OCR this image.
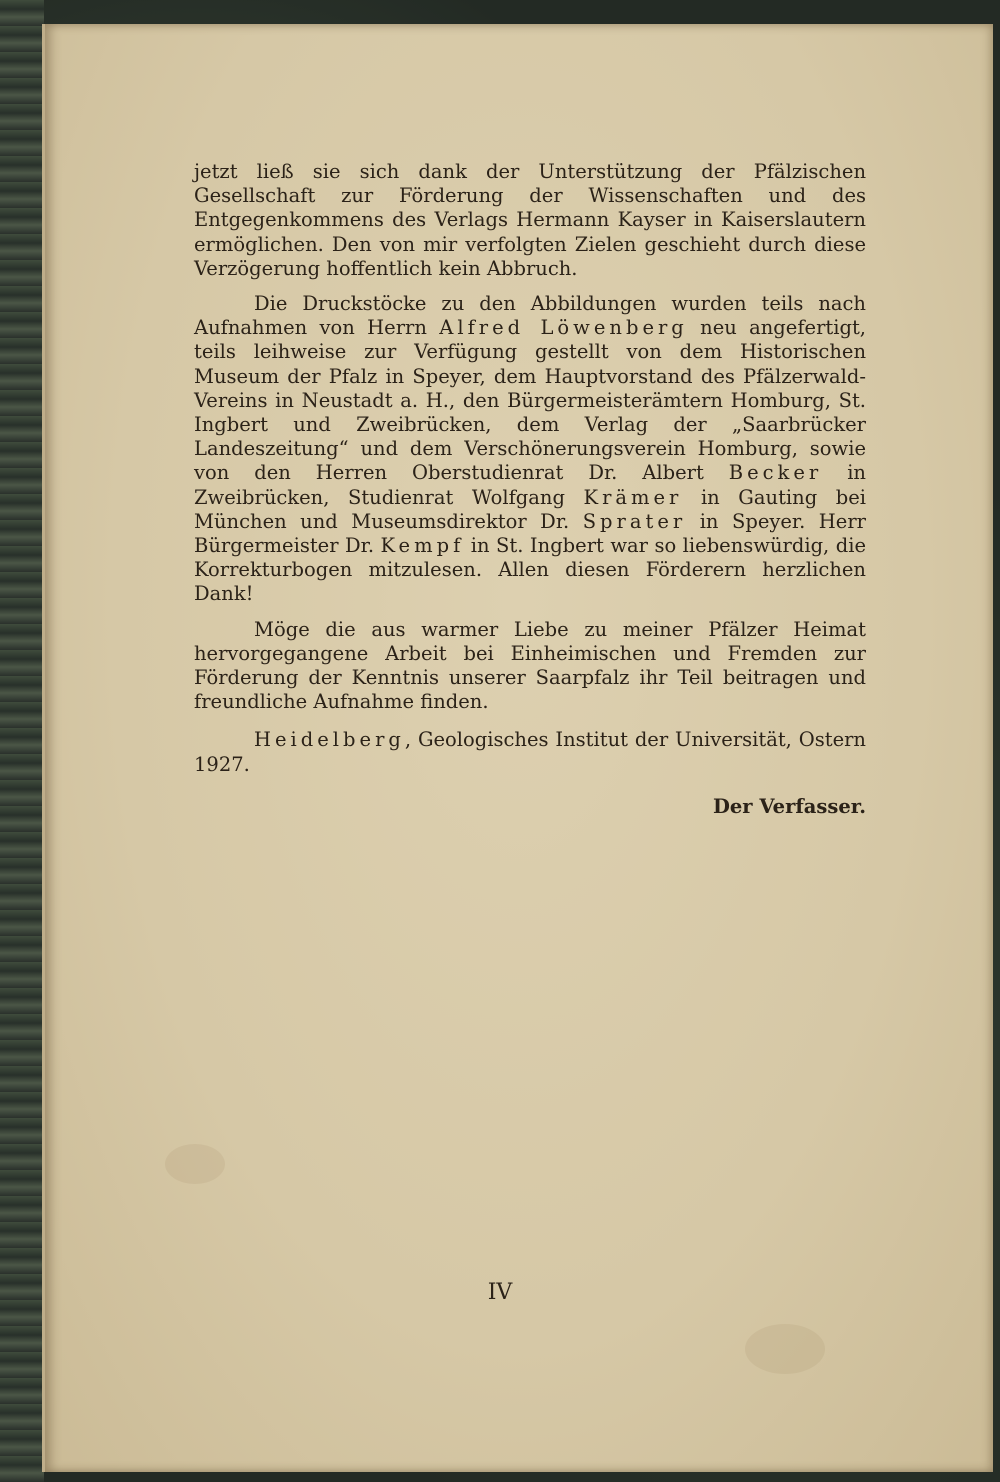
jetzt ließ sie sich dank der Unterstützung der Pfälzischen Gesellschaft zur Förderung der Wissenschaften und des Entgegenkommens des Verlags Hermann Kayser in Kaiserslautern ermöglichen. Den von mir verfolgten Zielen geschieht durch diese Verzögerung hoffentlich kein Abbruch.

Die Druckstöcke zu den Abbildungen wurden teils nach Aufnahmen von Herrn Alfred Löwenberg neu angefertigt, teils leihweise zur Verfügung gestellt von dem Historischen Museum der Pfalz in Speyer, dem Hauptvorstand des Pfälzerwald-Vereins in Neustadt a. H., den Bürgermeisterämtern Homburg, St. Ingbert und Zweibrücken, dem Verlag der „Saarbrücker Landeszeitung“ und dem Verschönerungsverein Homburg, sowie von den Herren Oberstudienrat Dr. Albert Becker in Zweibrücken, Studienrat Wolfgang Krämer in Gauting bei München und Museumsdirektor Dr. Sprater in Speyer. Herr Bürgermeister Dr. Kempf in St. Ingbert war so liebenswürdig, die Korrekturbogen mitzulesen. Allen diesen Förderern herzlichen Dank!

Möge die aus warmer Liebe zu meiner Pfälzer Heimat hervorgegangene Arbeit bei Einheimischen und Fremden zur Förderung der Kenntnis unserer Saarpfalz ihr Teil beitragen und freundliche Aufnahme finden.

Heidelberg, Geologisches Institut der Universität, Ostern 1927.

Der Verfasser.
IV
